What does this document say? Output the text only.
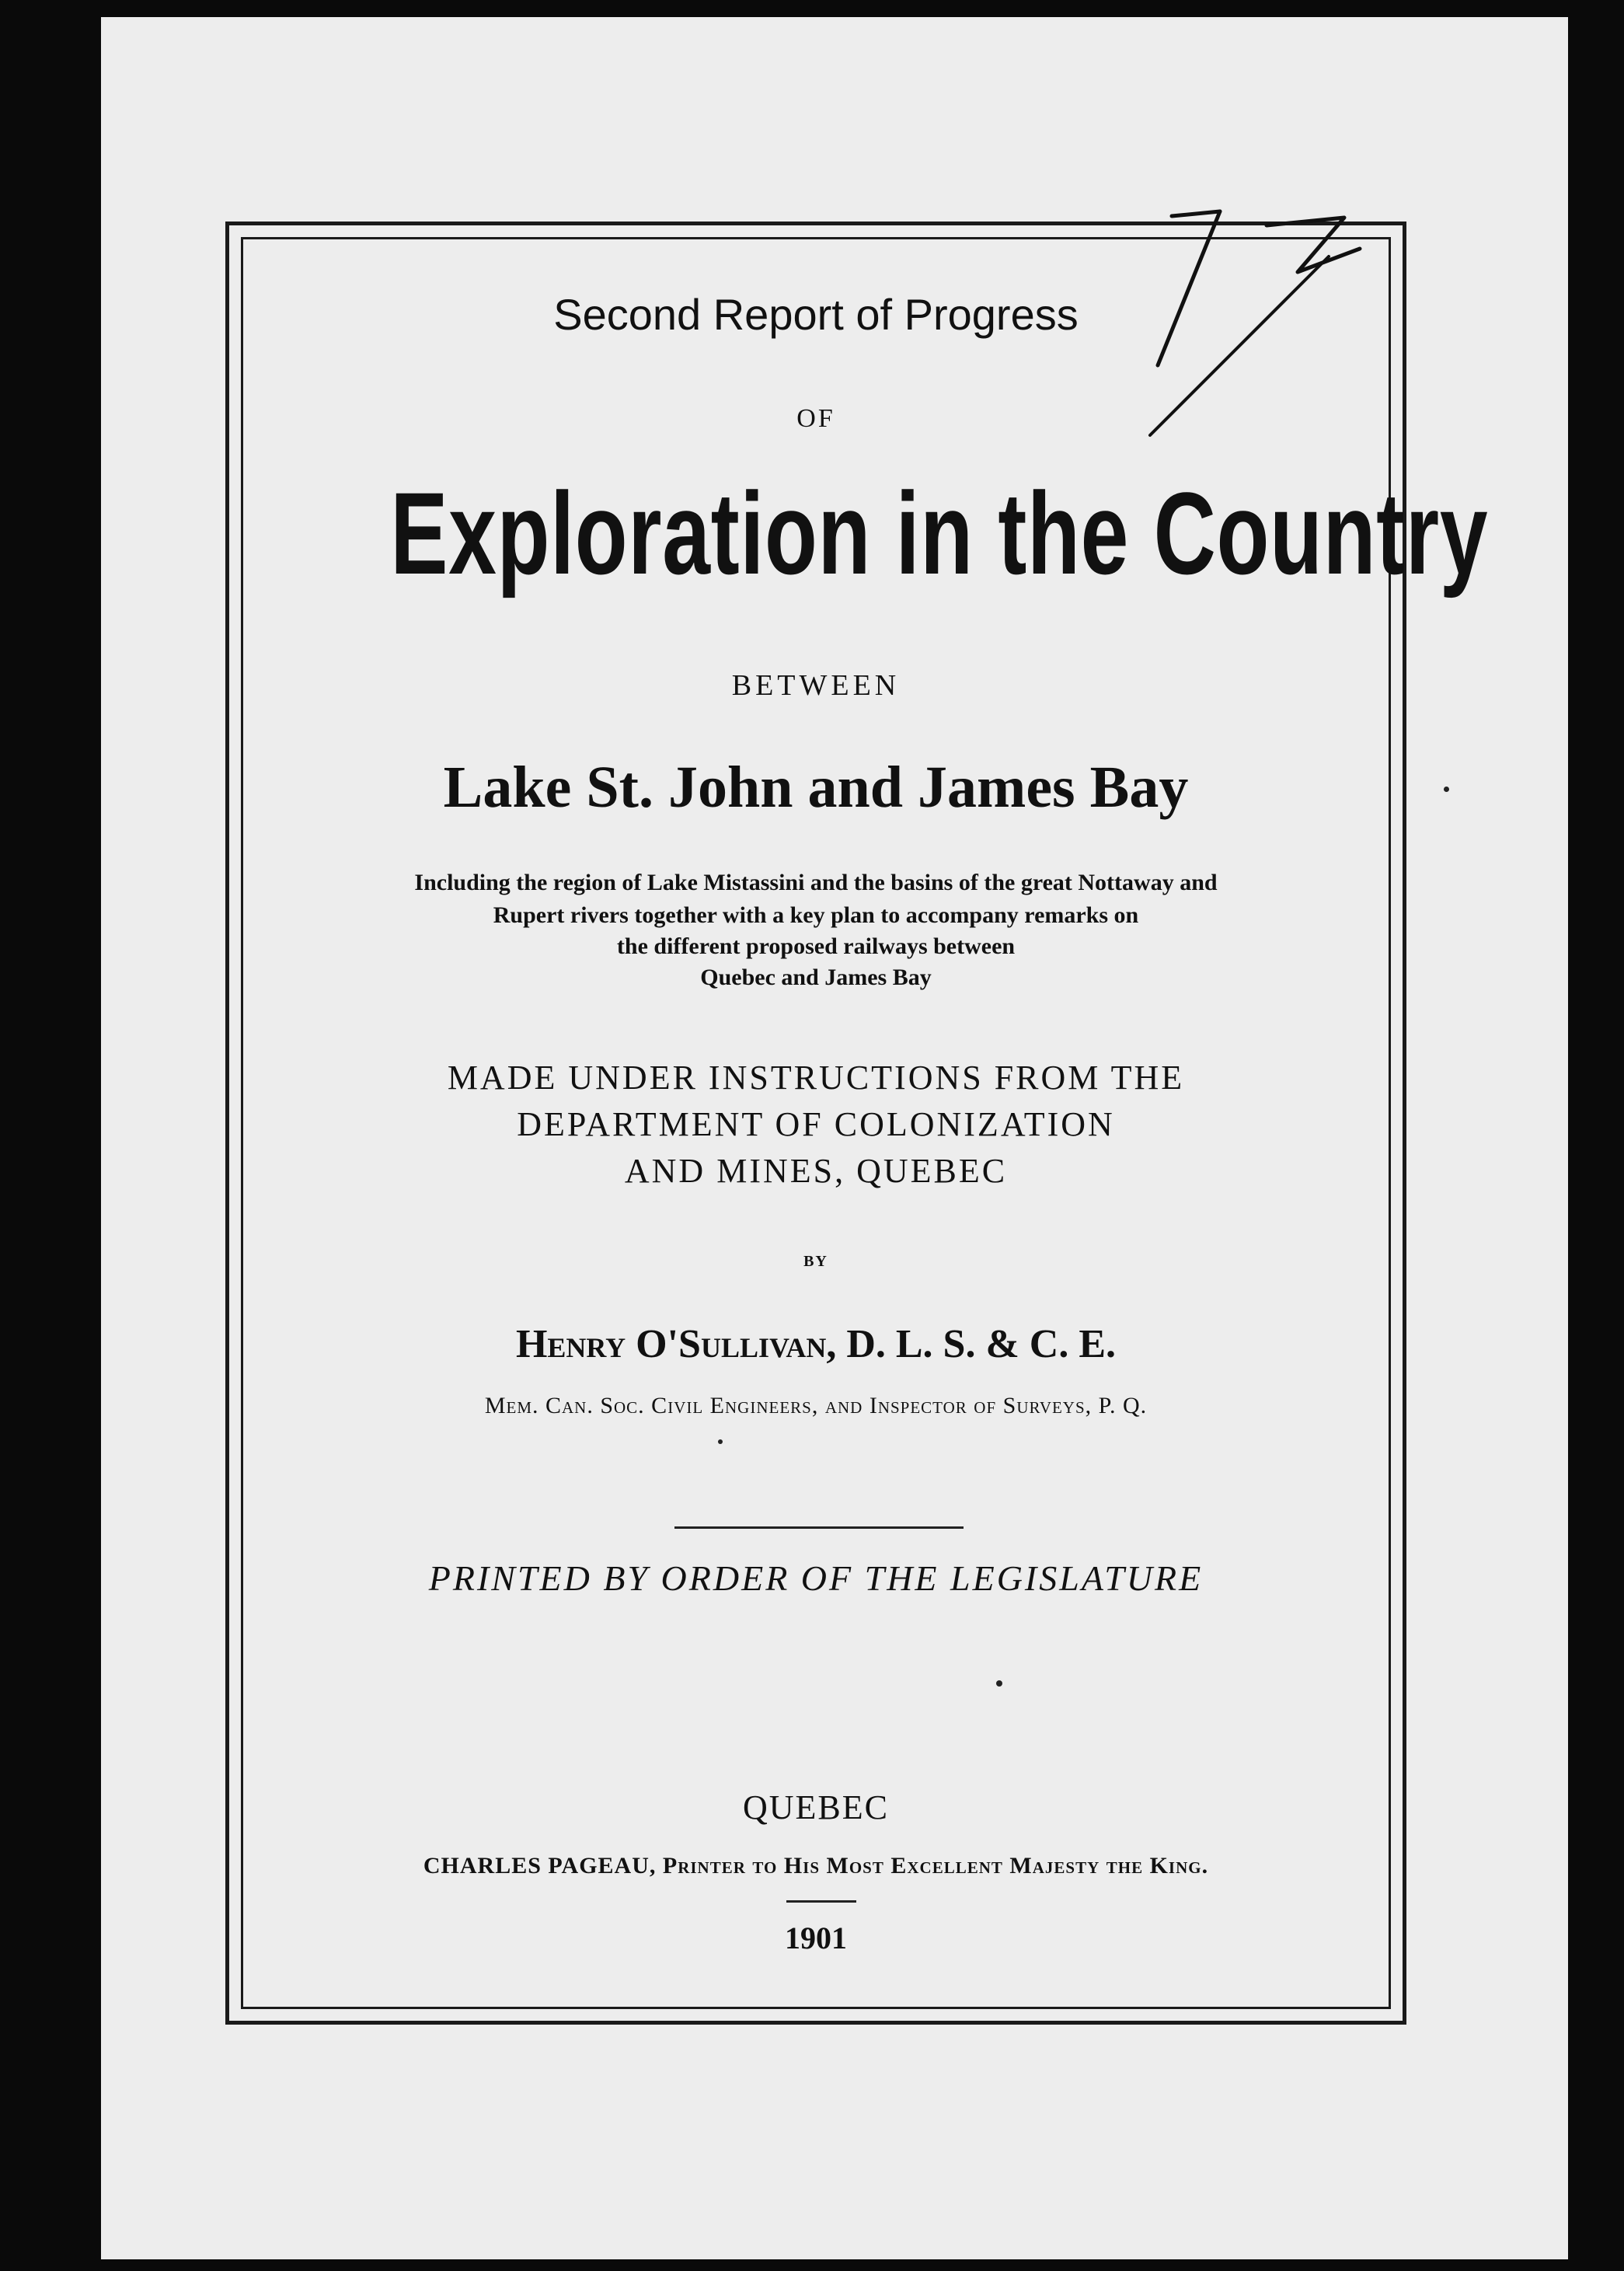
Second Report of Progress

OF

Exploration in the Country

BETWEEN

Lake St. John and James Bay

Including the region of Lake Mistassini and the basins of the great Nottaway and

Rupert rivers together with a key plan to accompany remarks on

the different proposed railways between

Quebec and James Bay

MADE UNDER INSTRUCTIONS FROM THE

DEPARTMENT OF COLONIZATION

AND MINES, QUEBEC

BY

Henry O'Sullivan, D. L. S. & C. E.

Mem. Can. Soc. Civil Engineers, and Inspector of Surveys, P. Q.

PRINTED BY ORDER OF THE LEGISLATURE

QUEBEC

CHARLES PAGEAU, Printer to His Most Excellent Majesty the King.

1901
